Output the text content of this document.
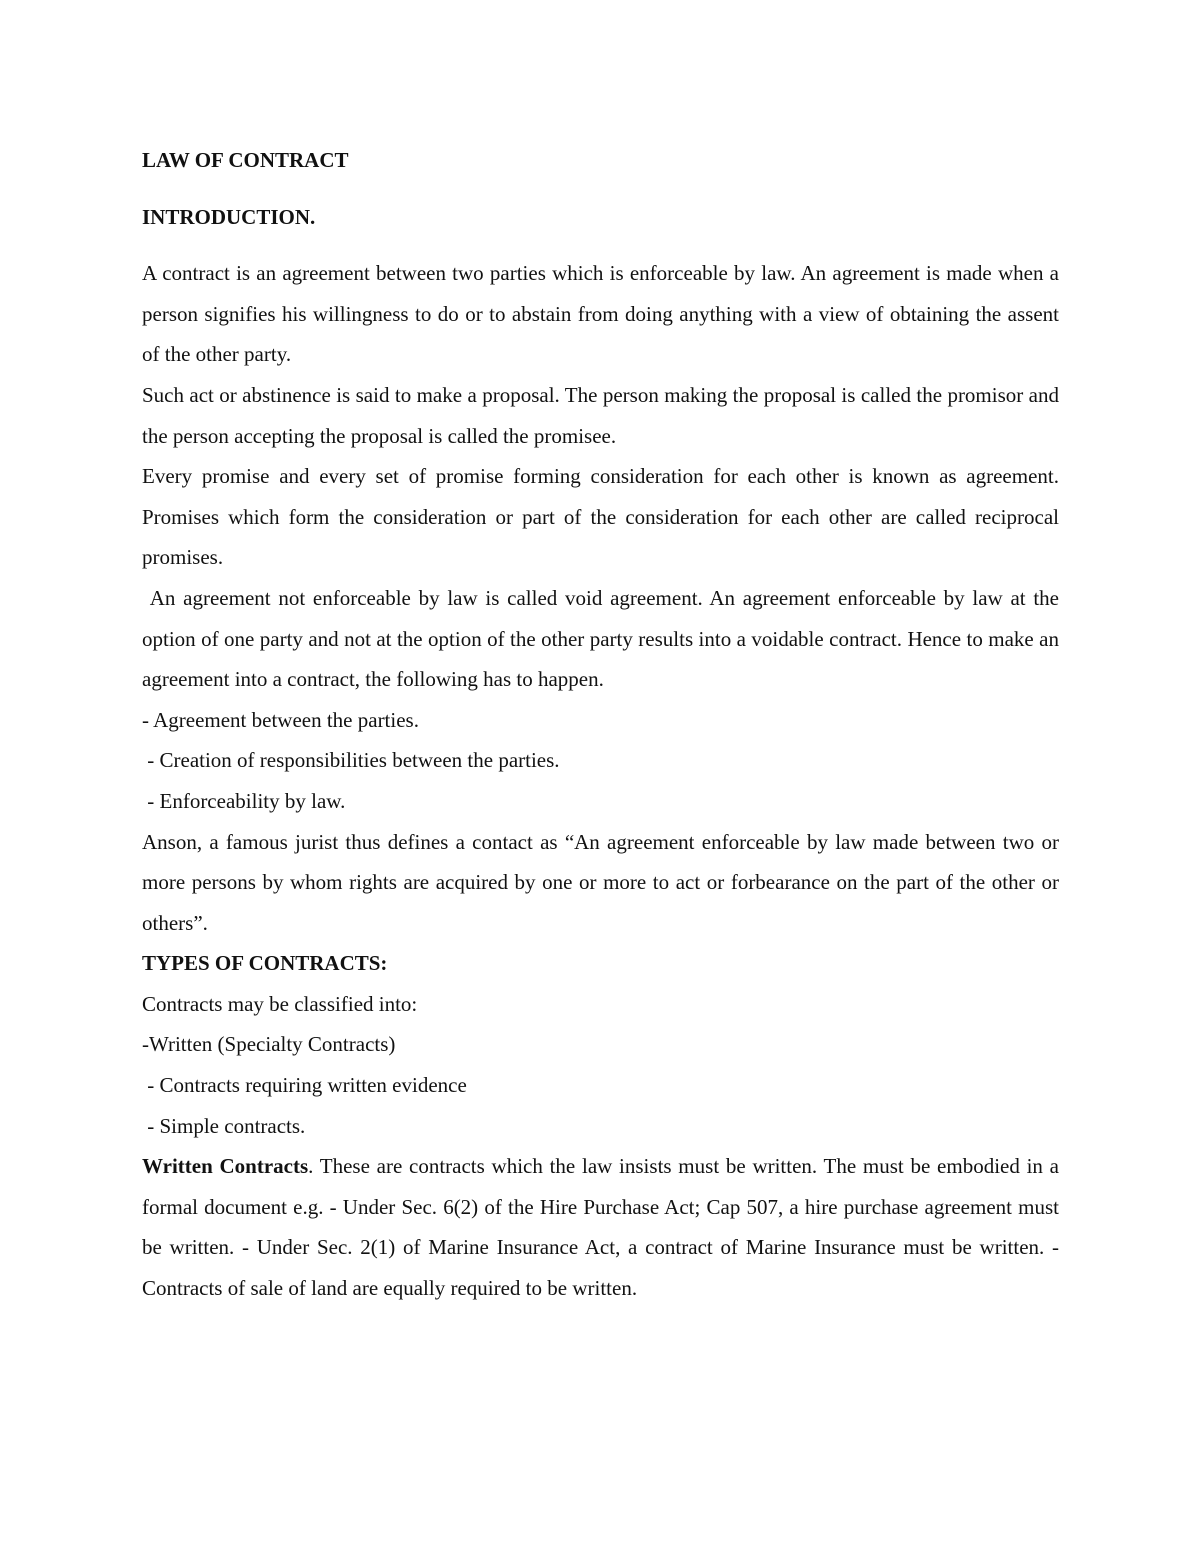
LAW OF CONTRACT

INTRODUCTION.

A contract is an agreement between two parties which is enforceable by law. An agreement is made when a person signifies his willingness to do or to abstain from doing anything with a view of obtaining the assent of the other party.

Such act or abstinence is said to make a proposal. The person making the proposal is called the promisor and the person accepting the proposal is called the promisee.

Every promise and every set of promise forming consideration for each other is known as agreement. Promises which form the consideration or part of the consideration for each other are called reciprocal promises.

An agreement not enforceable by law is called void agreement. An agreement enforceable by law at the option of one party and not at the option of the other party results into a voidable contract. Hence to make an agreement into a contract, the following has to happen.

- Agreement between the parties.

- Creation of responsibilities between the parties.

- Enforceability by law.

Anson, a famous jurist thus defines a contact as “An agreement enforceable by law made between two or more persons by whom rights are acquired by one or more to act or forbearance on the part of the other or others”.

TYPES OF CONTRACTS:

Contracts may be classified into:

-Written (Specialty Contracts)

- Contracts requiring written evidence

- Simple contracts.

Written Contracts. These are contracts which the law insists must be written. The must be embodied in a formal document e.g. - Under Sec. 6(2) of the Hire Purchase Act; Cap 507, a hire purchase agreement must be written. - Under Sec. 2(1) of Marine Insurance Act, a contract of Marine Insurance must be written. - Contracts of sale of land are equally required to be written.
